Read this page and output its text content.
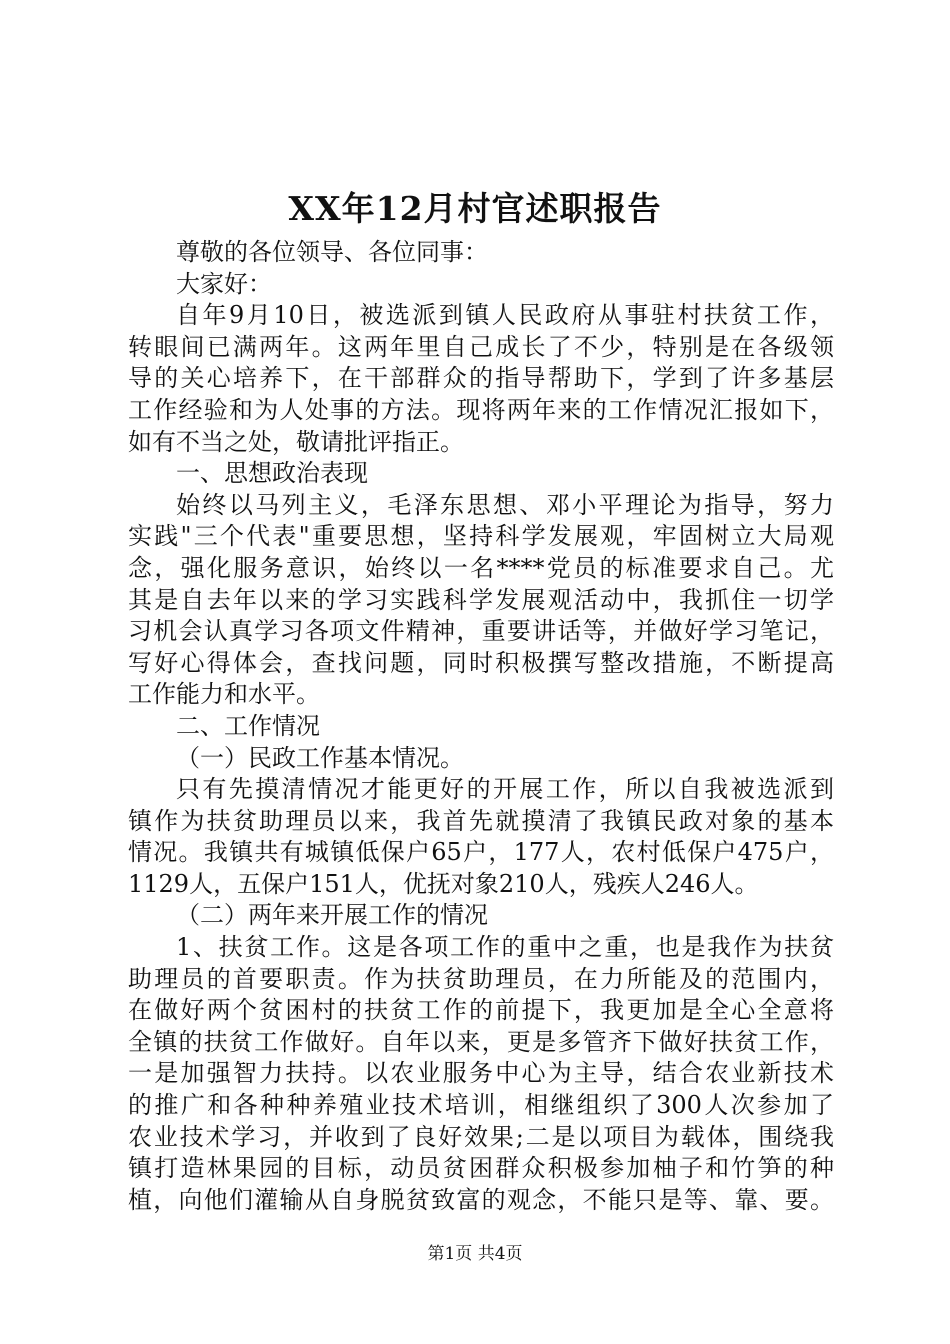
XX年12月村官述职报告
尊敬的各位领导、各位同事：
大家好：
自年9月10日，被选派到镇人民政府从事驻村扶贫工作，
转眼间已满两年。这两年里自己成长了不少，特别是在各级领
导的关心培养下，在干部群众的指导帮助下，学到了许多基层
工作经验和为人处事的方法。现将两年来的工作情况汇报如下，
如有不当之处，敬请批评指正。
一、思想政治表现
始终以马列主义，毛泽东思想、邓小平理论为指导，努力
实践"三个代表"重要思想，坚持科学发展观，牢固树立大局观
念，强化服务意识，始终以一名****党员的标准要求自己。尤
其是自去年以来的学习实践科学发展观活动中，我抓住一切学
习机会认真学习各项文件精神，重要讲话等，并做好学习笔记，
写好心得体会，查找问题，同时积极撰写整改措施，不断提高
工作能力和水平。
二、工作情况
（一）民政工作基本情况。
只有先摸清情况才能更好的开展工作，所以自我被选派到
镇作为扶贫助理员以来，我首先就摸清了我镇民政对象的基本
情况。我镇共有城镇低保户65户，177人，农村低保户475户，
1129人，五保户151人，优抚对象210人，残疾人246人。
（二）两年来开展工作的情况
1、扶贫工作。这是各项工作的重中之重，也是我作为扶贫
助理员的首要职责。作为扶贫助理员，在力所能及的范围内，
在做好两个贫困村的扶贫工作的前提下，我更加是全心全意将
全镇的扶贫工作做好。自年以来，更是多管齐下做好扶贫工作，
一是加强智力扶持。以农业服务中心为主导，结合农业新技术
的推广和各种种养殖业技术培训，相继组织了300人次参加了
农业技术学习，并收到了良好效果;二是以项目为载体，围绕我
镇打造林果园的目标，动员贫困群众积极参加柚子和竹笋的种
植，向他们灌输从自身脱贫致富的观念，不能只是等、靠、要。
第1页 共4页
